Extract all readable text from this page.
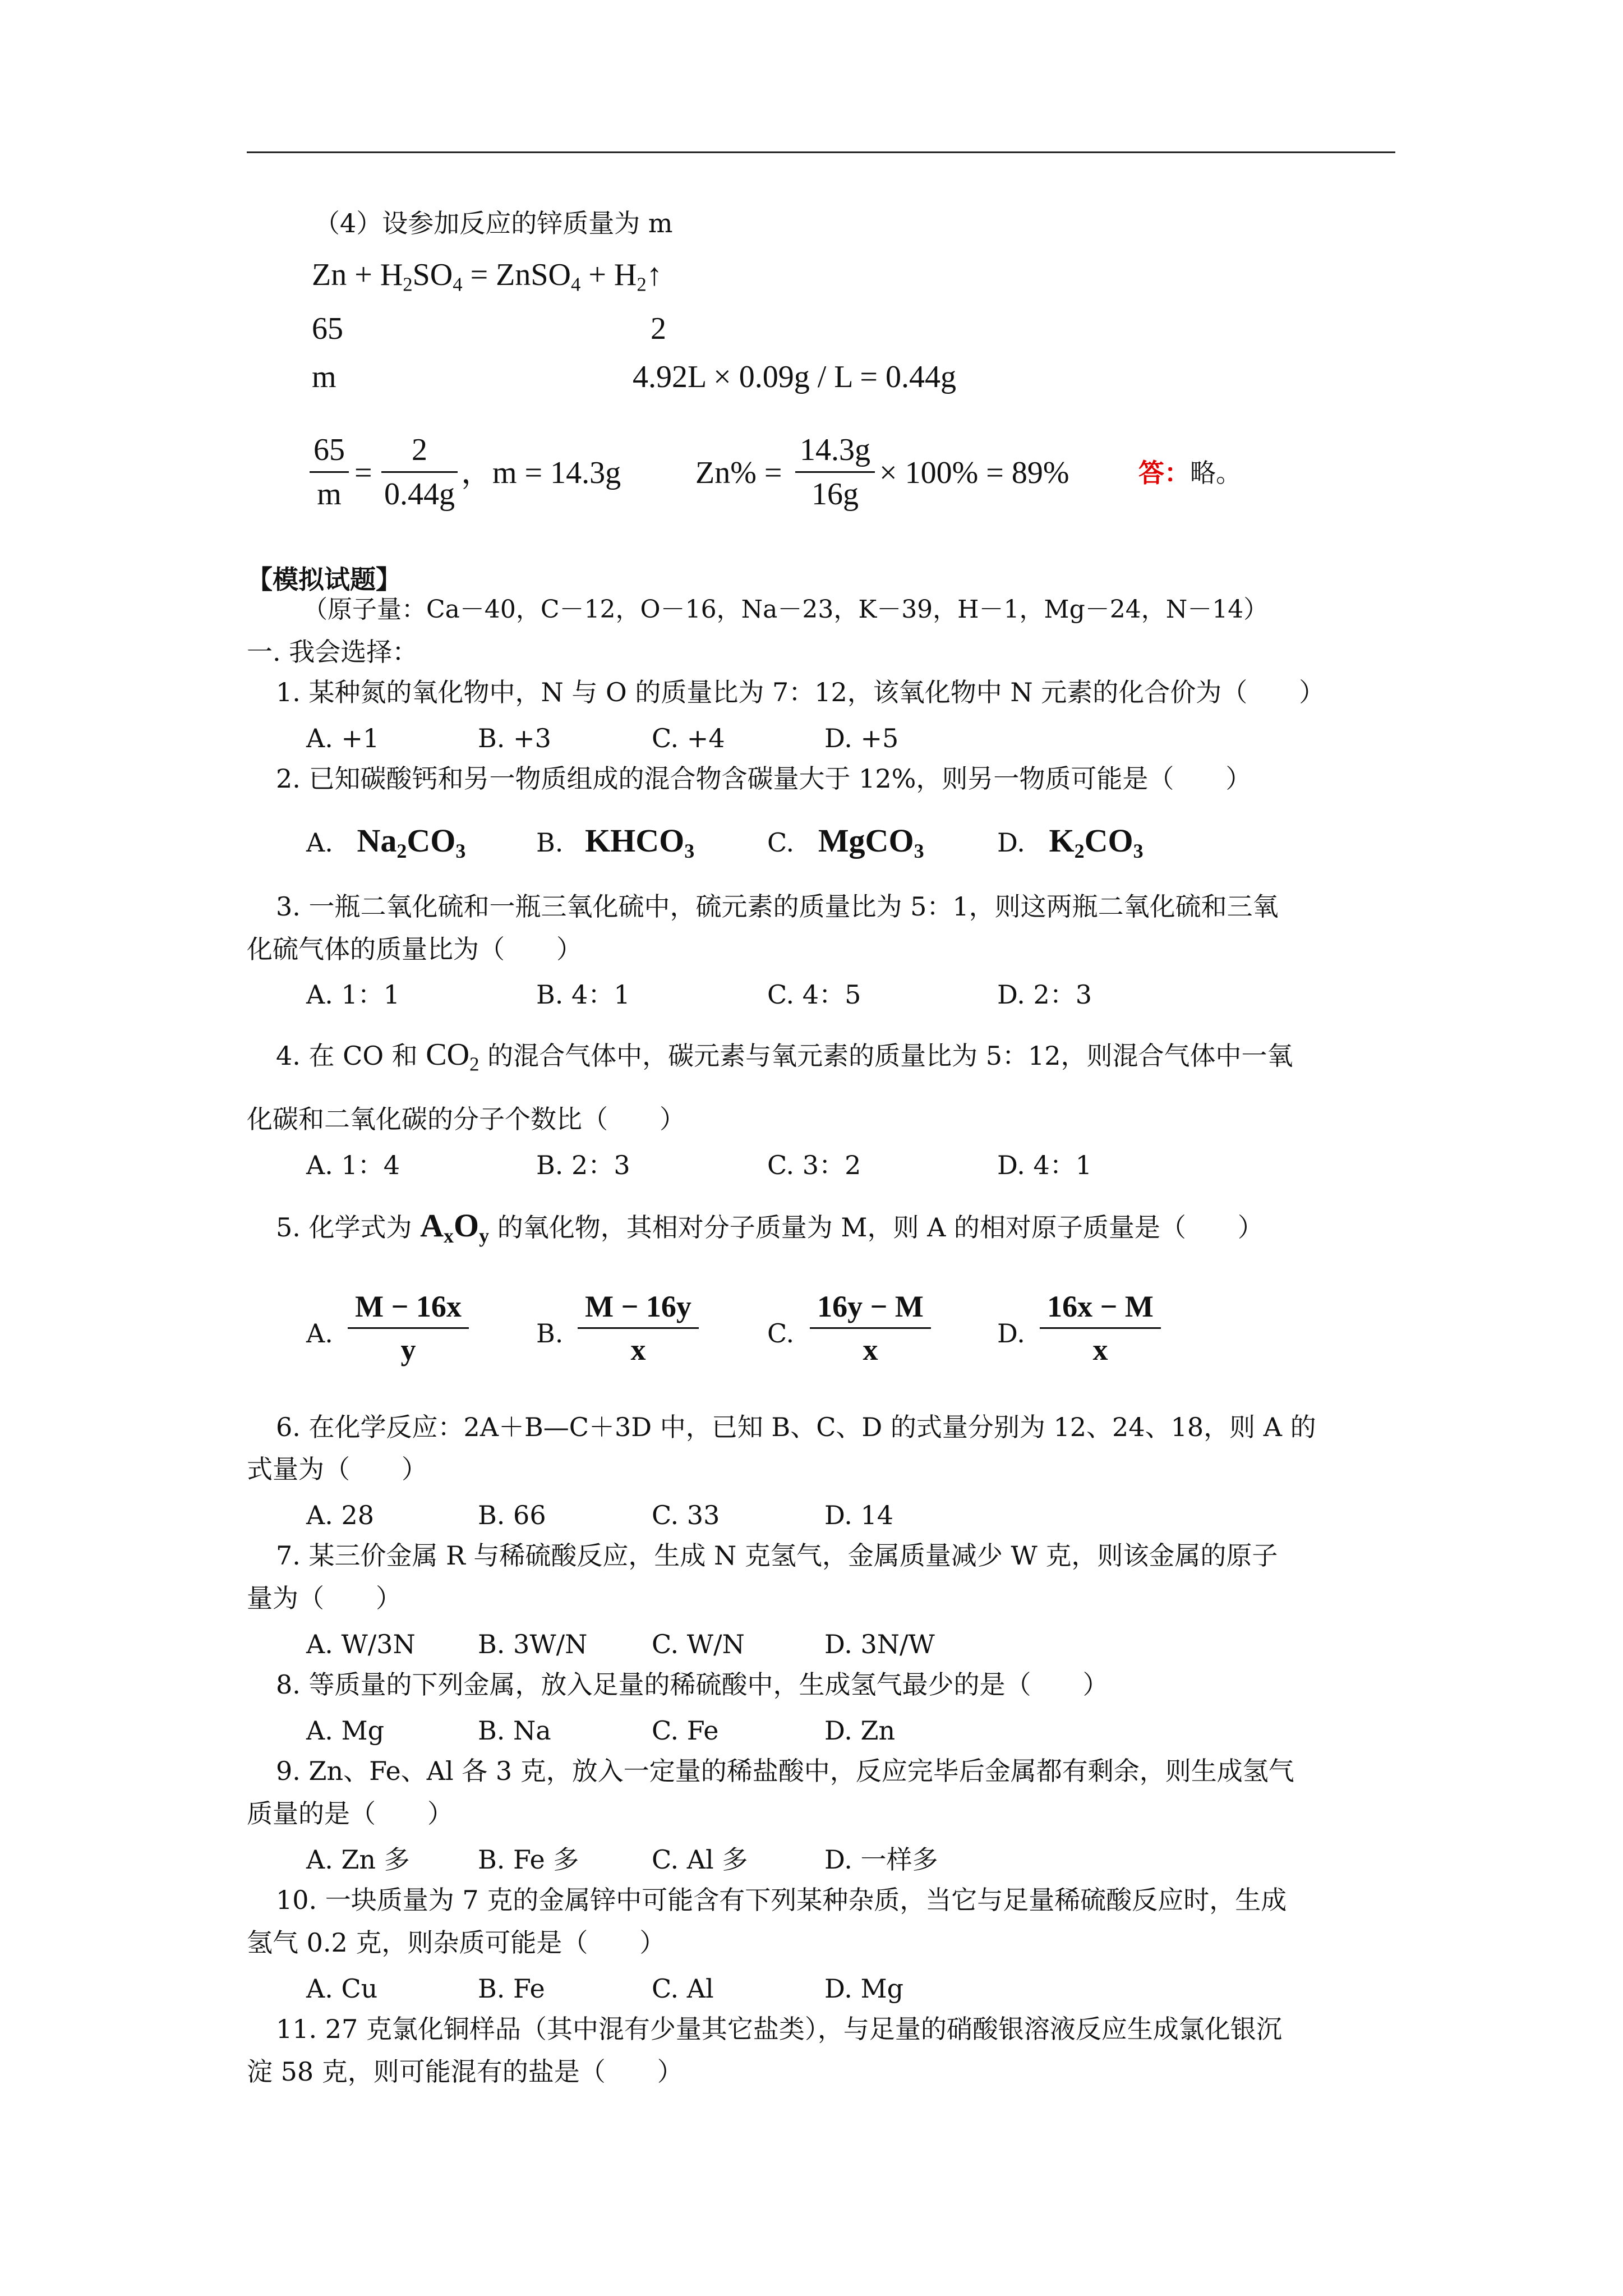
（4）设参加反应的锌质量为 m
$Zn + H_2SO_4$ = ZnSO$_4$ + $H_2↑$
65	2
m	4.92L × 0.09g / L = 0.44g
65
m
=
2
0.44g
，m = 14.3g Zn% =
14.3g
16g
× 100% = 89%	答：略。
【模拟试题】
（原子量：Ca－40，C－12，O－16，Na－23，K－39，H－1，Mg－24，N－14）
一. 我会选择：
1. 某种氮的氧化物中，N 与 O 的质量比为 7：12，该氧化物中 N 元素的化合价为（　　）
A. +1	B. +3	C. +4	D. +5
2. 已知碳酸钙和另一物质组成的混合物含碳量大于 12%，则另一物质可能是（　　）
A. $Na_2CO_3$	B. $KHCO_3$	C. MgCO$_3$	D. $K_2CO_3$
3. 一瓶二氧化硫和一瓶三氧化硫中，硫元素的质量比为 5：1，则这两瓶二氧化硫和三氧
化硫气体的质量比为（　　）
A. 1：1	B. 4：1	C. 4：5	D. 2：3
4. 在 CO 和 $CO_2$ 的混合气体中，碳元素与氧元素的质量比为 5：12，则混合气体中一氧
化碳和二氧化碳的分子个数比（　　）
A. 1：4	B. 2：3	C. 3：2	D. 4：1
5. 化学式为 $A_xO_y$ 的氧化物，其相对分子质量为 M，则 A 的相对原子质量是（　　）
A.
M − 16x
y	B.
M − 16y
x	C.
16y − M
x	D.
16x − M
x
6. 在化学反应：2A＋B—C＋3D 中，已知 B、C、D 的式量分别为 12、24、18，则 A 的
式量为（　　）
A. 28	B. 66	C. 33	D. 14
7. 某三价金属 R 与稀硫酸反应，生成 N 克氢气，金属质量减少 W 克，则该金属的原子
量为（　　）
A. W/3N B. 3W/N C. W/N	D. 3N/W
8. 等质量的下列金属，放入足量的稀硫酸中，生成氢气最少的是（　　）
A. Mg	B. Na	C. Fe	D. Zn
9. Zn、Fe、Al 各 3 克，放入一定量的稀盐酸中，反应完毕后金属都有剩余，则生成氢气
质量的是（　　）
A. Zn 多	B. Fe 多	C. Al 多	D. 一样多
10. 一块质量为 7 克的金属锌中可能含有下列某种杂质，当它与足量稀硫酸反应时，生成
氢气 0.2 克，则杂质可能是（　　）
A. Cu	B. Fe	C. Al	D. Mg
11. 27 克氯化铜样品（其中混有少量其它盐类），与足量的硝酸银溶液反应生成氯化银沉
淀 58 克，则可能混有的盐是（　　）
